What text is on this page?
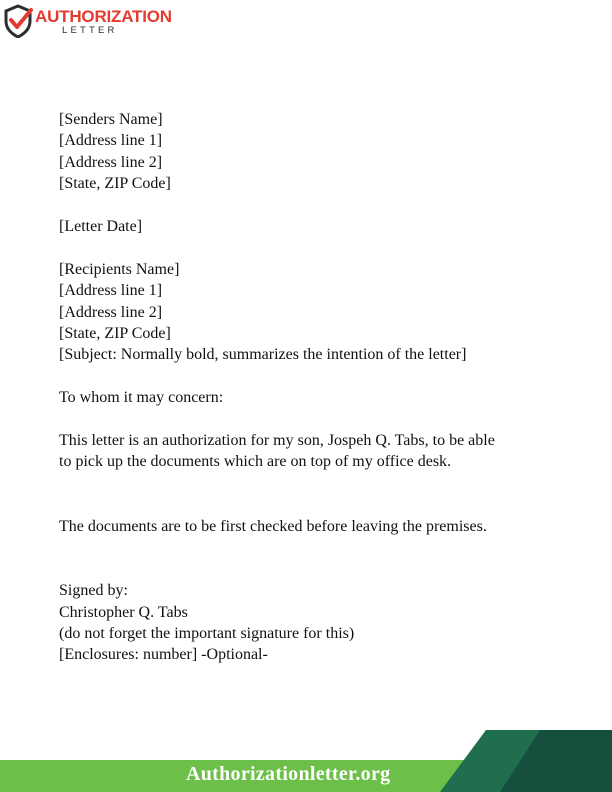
AUTHORIZATION
LETTER
[Senders Name]
[Address line 1]
[Address line 2]
[State, ZIP Code]
[Letter Date]
[Recipients Name]
[Address line 1]
[Address line 2]
[State, ZIP Code]
[Subject: Normally bold, summarizes the intention of the letter]
To whom it may concern:
This letter is an authorization for my son, Jospeh Q. Tabs, to be able
to pick up the documents which are on top of my office desk.
The documents are to be first checked before leaving the premises.
Signed by:
Christopher Q. Tabs
(do not forget the important signature for this)
[Enclosures: number] -Optional-
Authorizationletter.org
